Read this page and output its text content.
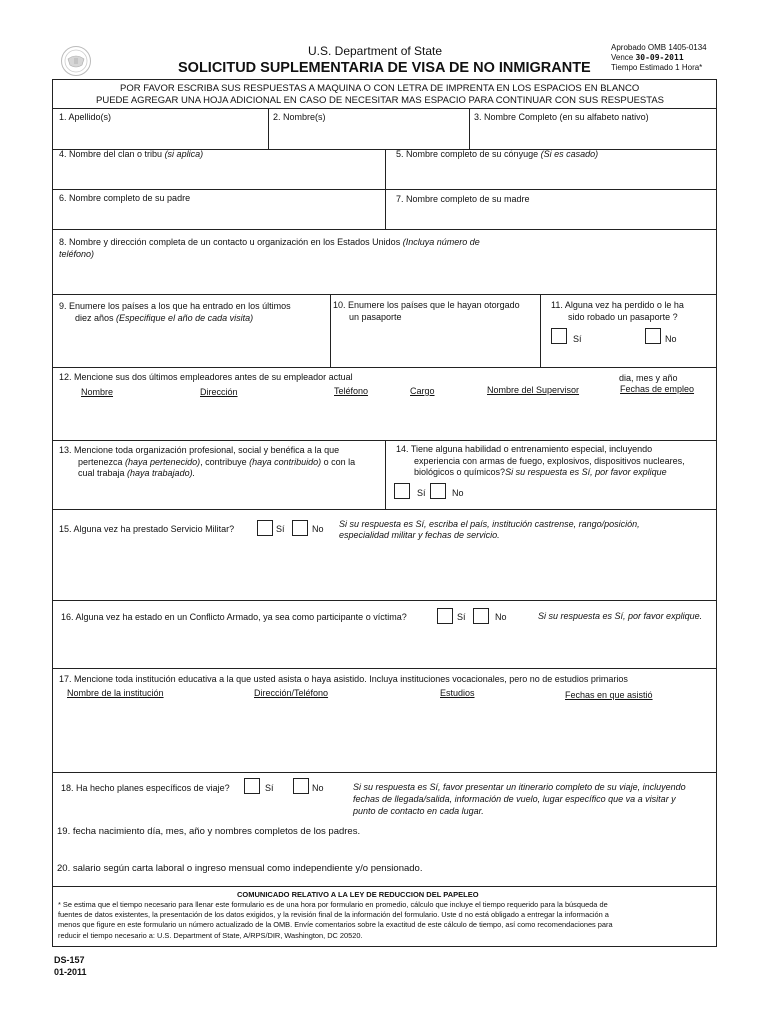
U.S. Department of State
SOLICITUD SUPLEMENTARIA DE VISA DE NO INMIGRANTE
Aprobado OMB 1405-0134
Vence 30-09-2011
Tiempo Estimado 1 Hora*
POR FAVOR ESCRIBA SUS RESPUESTAS A MAQUINA O CON LETRA DE IMPRENTA EN LOS ESPACIOS EN BLANCO
PUEDE AGREGAR UNA HOJA ADICIONAL EN CASO DE NECESITAR MAS ESPACIO PARA CONTINUAR CON SUS RESPUESTAS
1. Apellido(s)	2. Nombre(s)	3. Nombre Completo (en su alfabeto nativo)
4. Nombre del clan o tribu (si aplica)	5. Nombre completo de su cónyuge (Si es casado)
6. Nombre completo de su padre	7. Nombre completo de su madre
8. Nombre y dirección completa de un contacto u organización en los Estados Unidos (Incluya número de
teléfono)
9. Enumere los países a los que ha entrado en los últimos
diez años (Especifique el año de cada visita)
10. Enumere los países que le hayan otorgado
un pasaporte
11. Alguna vez ha perdido o le ha
sido robado un pasaporte ?
Sí	No
12. Mencione sus dos últimos empleadores antes de su empleador actual	dia, mes y año
Nombre	Dirección	Teléfono	Cargo	Nombre del Supervisor	Fechas de empleo
13. Mencione toda organización profesional, social y benéfica a la que
pertenezca (haya pertenecido), contribuye (haya contribuido) o con la
cual trabaja (haya trabajado).
14. Tiene alguna habilidad o entrenamiento especial, incluyendo
experiencia con armas de fuego, explosivos, dispositivos nucleares,
biológicos o químicos?Si su respuesta es Sí, por favor explique
Sí	No
15. Alguna vez ha prestado Servicio Militar?	Sí	No Si su respuesta es Sí, escriba el país, institución castrense, rango/posición,
especialidad militar y fechas de servicio.
16. Alguna vez ha estado en un Conflicto Armado, ya sea como participante o víctima?	Sí	No	Si su respuesta es Sí, por favor explique.
17. Mencione toda institución educativa a la que usted asista o haya asistido. Incluya instituciones vocacionales, pero no de estudios primarios
Nombre de la institución	Dirección/Teléfono	Estudios	Fechas en que asistió
18. Ha hecho planes específicos de viaje?	Sí	No	Si su respuesta es Sí, favor presentar un itinerario completo de su viaje, incluyendo
fechas de llegada/salida, información de vuelo, lugar específico que va a visitar y
punto de contacto en cada lugar.
19. fecha nacimiento día, mes, año y nombres completos de los padres.
20. salario según carta laboral o ingreso mensual como independiente y/o pensionado.
COMUNICADO RELATIVO A LA LEY DE REDUCCION DEL PAPELEO
* Se estima que el tiempo necesario para llenar este formulario es de una hora por formulario en promedio, cálculo que incluye el tiempo requerido para la búsqueda de
fuentes de datos existentes, la presentación de los datos exigidos, y la revisión final de la información del formulario. Uste d no está obligado a entregar la información a
menos que figure en este formulario un número actualizado de la OMB. Envíe comentarios sobre la exactitud de este cálculo de tiempo, así como recomendaciones para
reducir el tiempo necesario a: U.S. Department of State, A/RPS/DIR, Washington, DC 20520.
DS-157
01-2011
